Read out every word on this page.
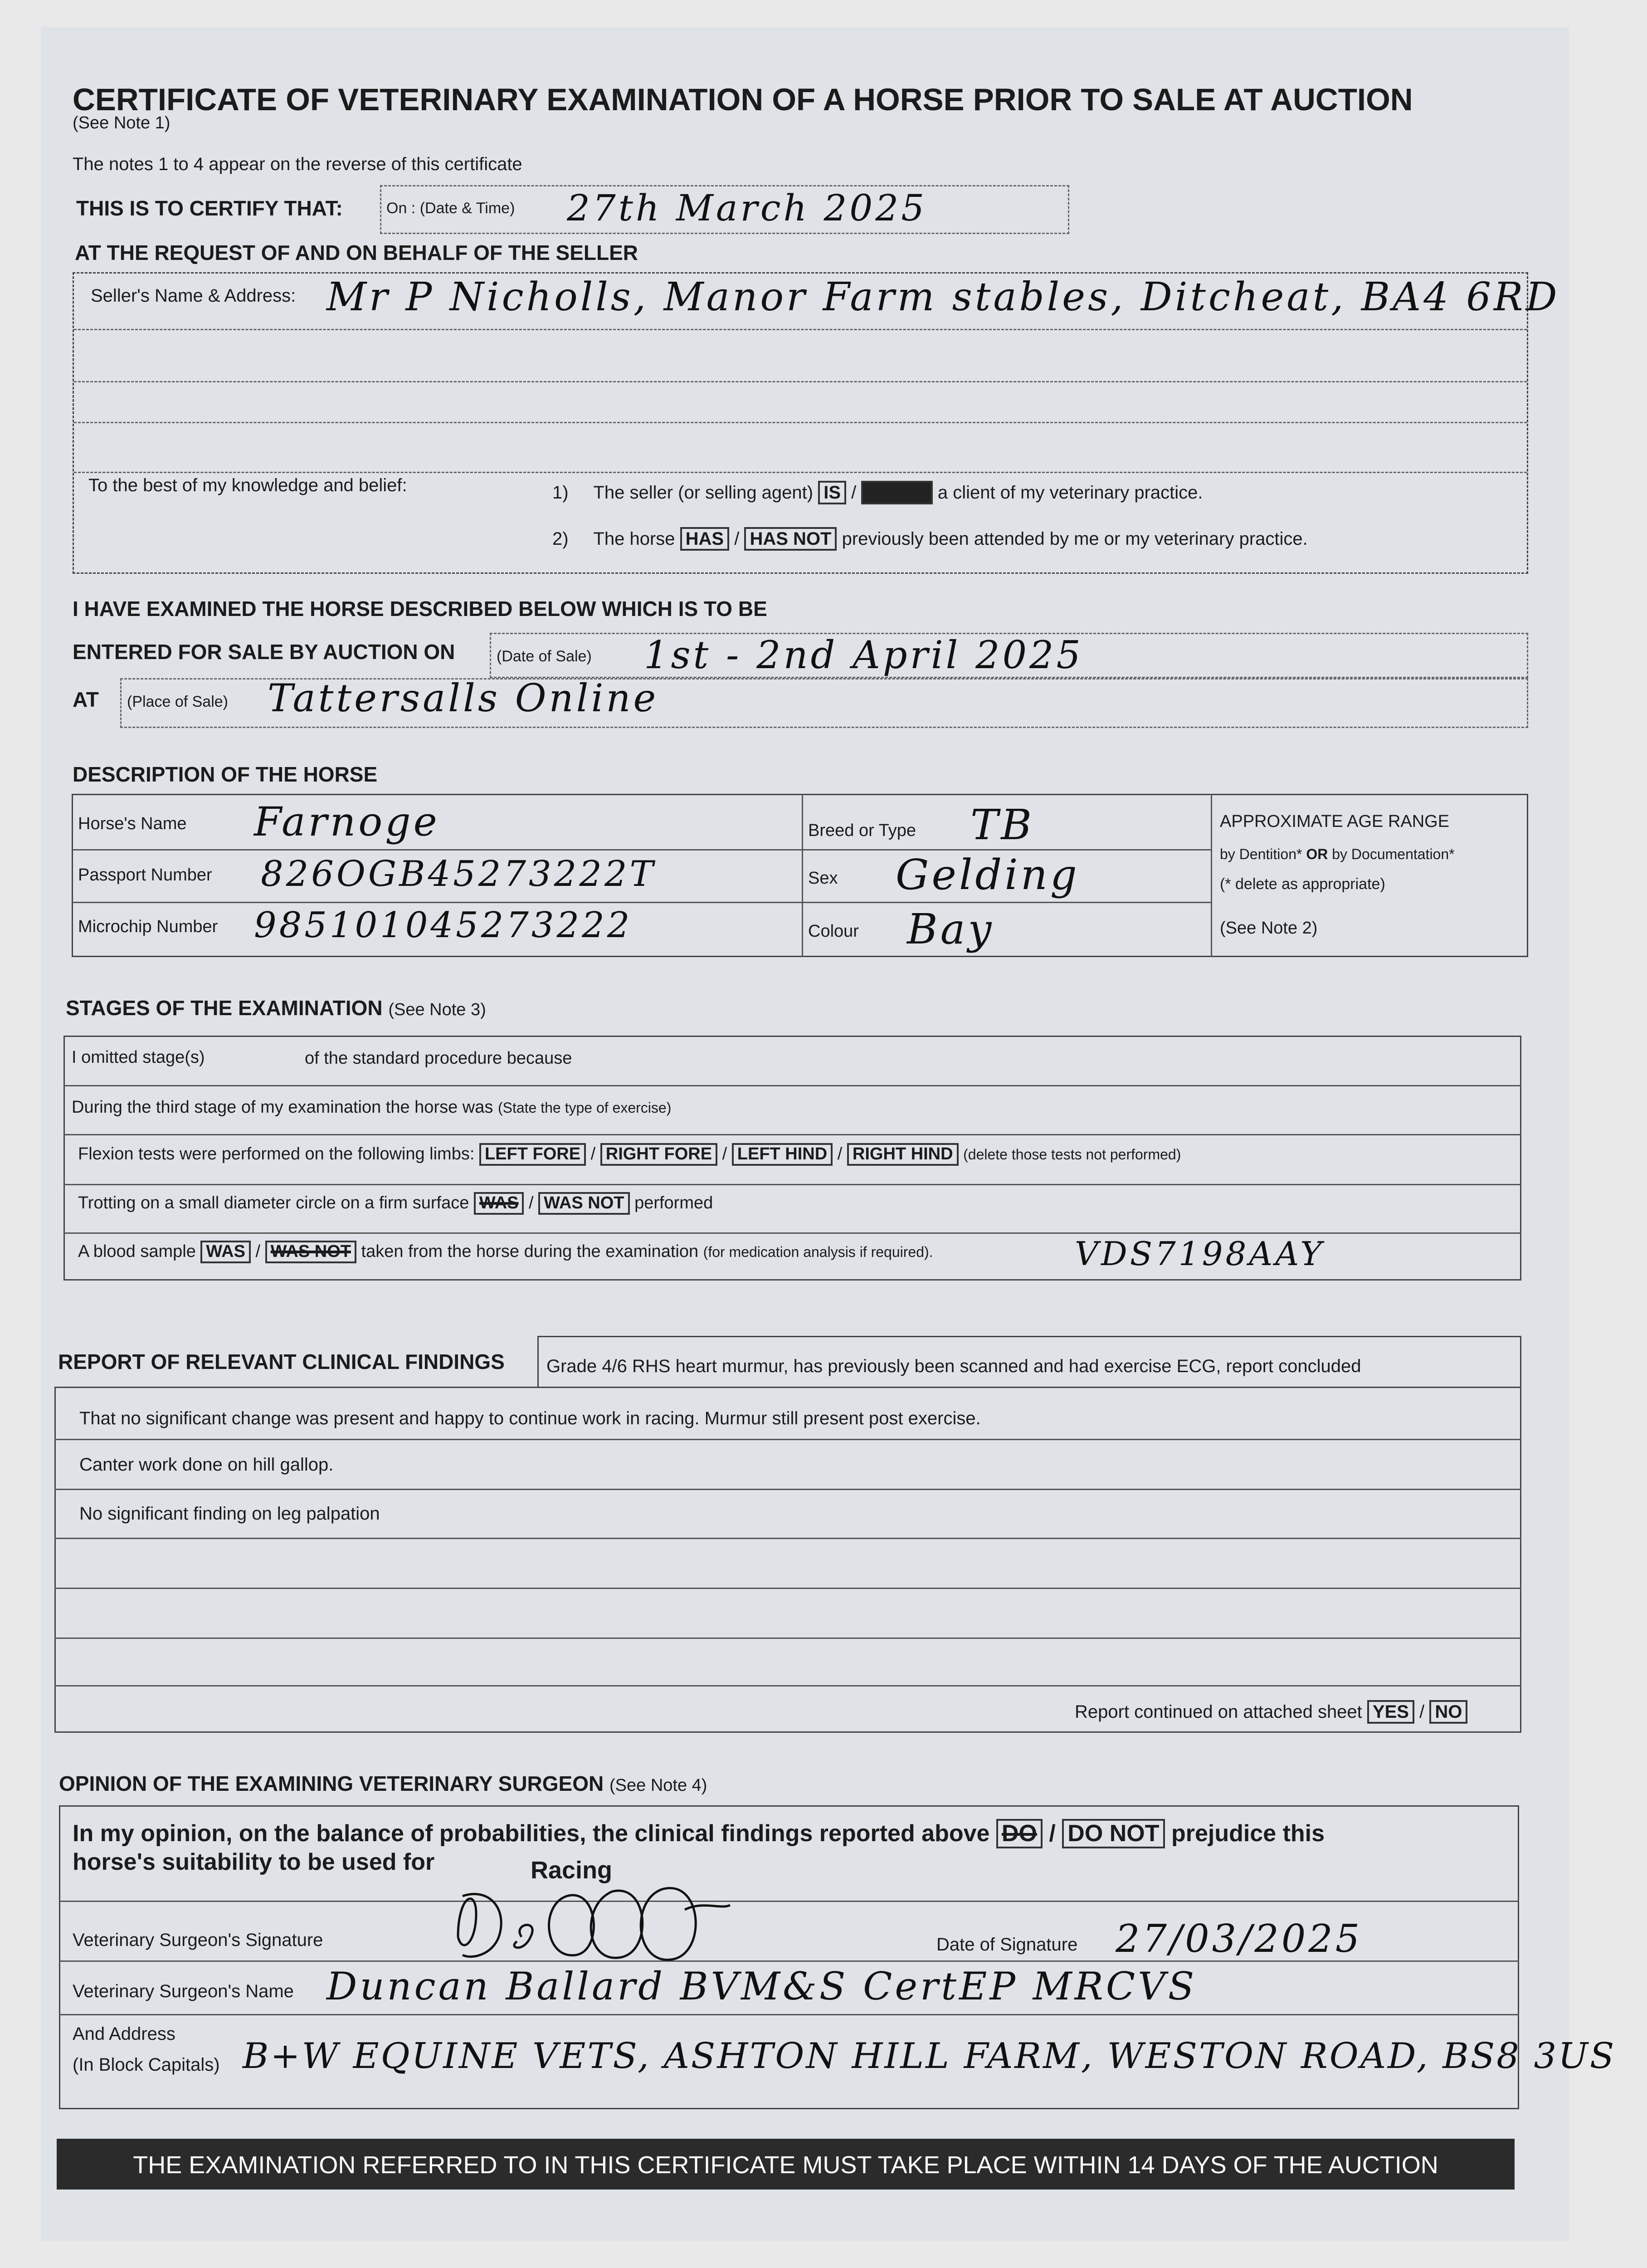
CERTIFICATE OF VETERINARY EXAMINATION OF A HORSE PRIOR TO SALE AT AUCTION
(See Note 1)
The notes 1 to 4 appear on the reverse of this certificate
THIS IS TO CERTIFY THAT:	On : (Date & Time) 27th March 2025
AT THE REQUEST OF AND ON BEHALF OF THE SELLER
Seller's Name & Address: Mr P Nicholls, Manor Farm stables, Ditcheat, BA4 6RD
To the best of my knowledge and belief:	1) The seller (or selling agent) IS / IS NOT a client of my veterinary practice.
2) The horse HAS / HAS NOT previously been attended by me or my veterinary practice.
I HAVE EXAMINED THE HORSE DESCRIBED BELOW WHICH IS TO BE
ENTERED FOR SALE BY AUCTION ON	(Date of Sale) 1st - 2nd April 2025
AT (Place of Sale) Tattersalls Online
DESCRIPTION OF THE HORSE
Horse's Name Farnoge
Passport Number 826OGB45273222T
Microchip Number 985101045273222
Breed or Type TB
Sex Gelding
Colour Bay
APPROXIMATE AGE RANGE
by Dentition* OR by Documentation*
(* delete as appropriate)
(See Note 2)
STAGES OF THE EXAMINATION (See Note 3)
I omitted stage(s)	of the standard procedure because
During the third stage of my examination the horse was (State the type of exercise)
Flexion tests were performed on the following limbs: LEFT FORE / RIGHT FORE / LEFT HIND / RIGHT HIND (delete those tests not performed)
Trotting on a small diameter circle on a firm surface WAS / WAS NOT performed
A blood sample WAS / WAS NOT taken from the horse during the examination (for medication analysis if required).	VDS7198AAY
REPORT OF RELEVANT CLINICAL FINDINGS Grade 4/6 RHS heart murmur, has previously been scanned and had exercise ECG, report concluded
That no significant change was present and happy to continue work in racing. Murmur still present post exercise.
Canter work done on hill gallop.
No significant finding on leg palpation
Report continued on attached sheet YES / NO
OPINION OF THE EXAMINING VETERINARY SURGEON (See Note 4)
In my opinion, on the balance of probabilities, the clinical findings reported above DO / DO NOT prejudice this
horse's suitability to be used for	Racing
Veterinary Surgeon's Signature	Date of Signature 27/03/2025
Veterinary Surgeon's Name Duncan Ballard BVM&S CertEP MRCVS
And Address
(In Block Capitals) B+W EQUINE VETS, ASHTON HILL FARM, WESTON ROAD, BS8 3US
THE EXAMINATION REFERRED TO IN THIS CERTIFICATE MUST TAKE PLACE WITHIN 14 DAYS OF THE AUCTION
